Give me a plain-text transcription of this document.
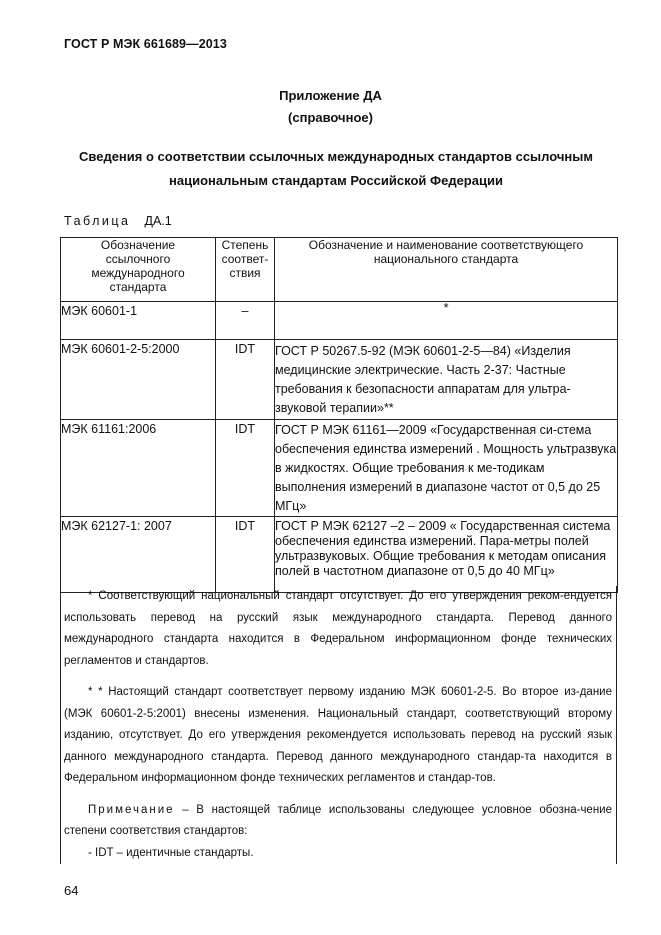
ГОСТ Р МЭК 661689—2013
Приложение ДА
(справочное)
Сведения о соответствии ссылочных международных стандартов ссылочным
национальным стандартам Российской Федерации
Таблица ДА.1
Обозначение ссылочного международного стандарта	Степень соответ-ствия	Обозначение и наименование соответствующего национального стандарта
МЭК 60601-1	–	*
МЭК 60601-2-5:2000	IDT	ГОСТ Р 50267.5-92 (МЭК 60601-2-5—84) «Изделия медицинские электрические. Часть 2-37: Частные требования к безопасности аппаратам для ультра-звуковой терапии»**
МЭК 61161:2006	IDT	ГОСТ Р МЭК 61161—2009 «Государственная си-стема обеспечения единства измерений . Мощность ультразвука в жидкостях. Общие требования к ме-тодикам выполнения измерений в диапазоне частот от 0,5 до 25 МГц»
МЭК 62127-1: 2007	IDT	ГОСТ Р МЭК 62127 –2 – 2009 « Государственная система обеспечения единства измерений. Пара-метры полей ультразвуковых. Общие требования к методам описания полей в частотном диапазоне от 0,5 до 40 МГц»

* Соответствующий национальный стандарт отсутствует. До его утверждения реком-ендуется использовать перевод на русский язык международного стандарта. Перевод данного международного стандарта находится в Федеральном информационном фонде технических регламентов и стандартов.

* * Настоящий стандарт соответствует первому изданию МЭК 60601-2-5. Во второе из-дание (МЭК 60601-2-5:2001) внесены изменения. Национальный стандарт, соответствующий второму изданию, отсутствует. До его утверждения рекомендуется использовать перевод на русский язык данного международного стандарта. Перевод данного международного стандар-та находится в Федеральном информационном фонде технических регламентов и стандар-тов.

Примечание – В настоящей таблице использованы следующее условное обозна-чение степени соответствия стандартов:

- IDT – идентичные стандарты.

64
